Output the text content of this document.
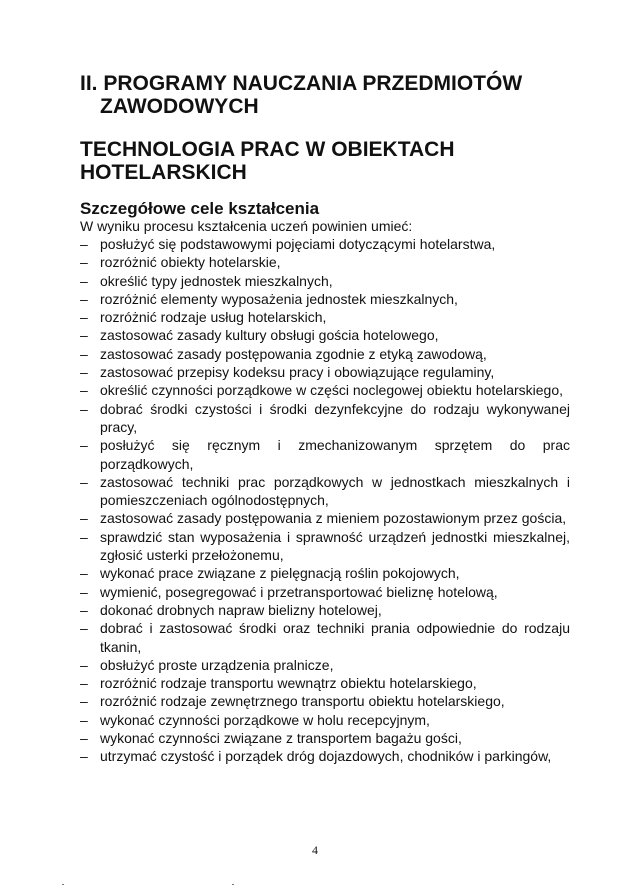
II. PROGRAMY NAUCZANIA PRZEDMIOTÓW
ZAWODOWYCH
TECHNOLOGIA PRAC W OBIEKTACH
HOTELARSKICH
Szczegółowe cele kształcenia
W wyniku procesu kształcenia uczeń powinien umieć:
– posłużyć się podstawowymi pojęciami dotyczącymi hotelarstwa,
– rozróżnić obiekty hotelarskie,
– określić typy jednostek mieszkalnych,
– rozróżnić elementy wyposażenia jednostek mieszkalnych,
– rozróżnić rodzaje usług hotelarskich,
– zastosować zasady kultury obsługi gościa hotelowego,
– zastosować zasady postępowania zgodnie z etyką zawodową,
– zastosować przepisy kodeksu pracy i obowiązujące regulaminy,
– określić czynności porządkowe w części noclegowej obiektu hotelarskiego,
– dobrać środki czystości i środki dezynfekcyjne do rodzaju wykonywanej pracy,
– posłużyć się ręcznym i zmechanizowanym sprzętem do prac porządkowych,
– zastosować techniki prac porządkowych w jednostkach mieszkalnych i pomieszczeniach ogólnodostępnych,
– zastosować zasady postępowania z mieniem pozostawionym przez gościa,
– sprawdzić stan wyposażenia i sprawność urządzeń jednostki mieszkalnej, zgłosić usterki przełożonemu,
– wykonać prace związane z pielęgnacją roślin pokojowych,
– wymienić, posegregować i przetransportować bieliznę hotelową,
– dokonać drobnych napraw bielizny hotelowej,
– dobrać i zastosować środki oraz techniki prania odpowiednie do rodzaju tkanin,
– obsłużyć proste urządzenia pralnicze,
– rozróżnić rodzaje transportu wewnątrz obiektu hotelarskiego,
– rozróżnić rodzaje zewnętrznego transportu obiektu hotelarskiego,
– wykonać czynności porządkowe w holu recepcyjnym,
– wykonać czynności związane z transportem bagażu gości,
– utrzymać czystość i porządek dróg dojazdowych, chodników i parkingów,
4
